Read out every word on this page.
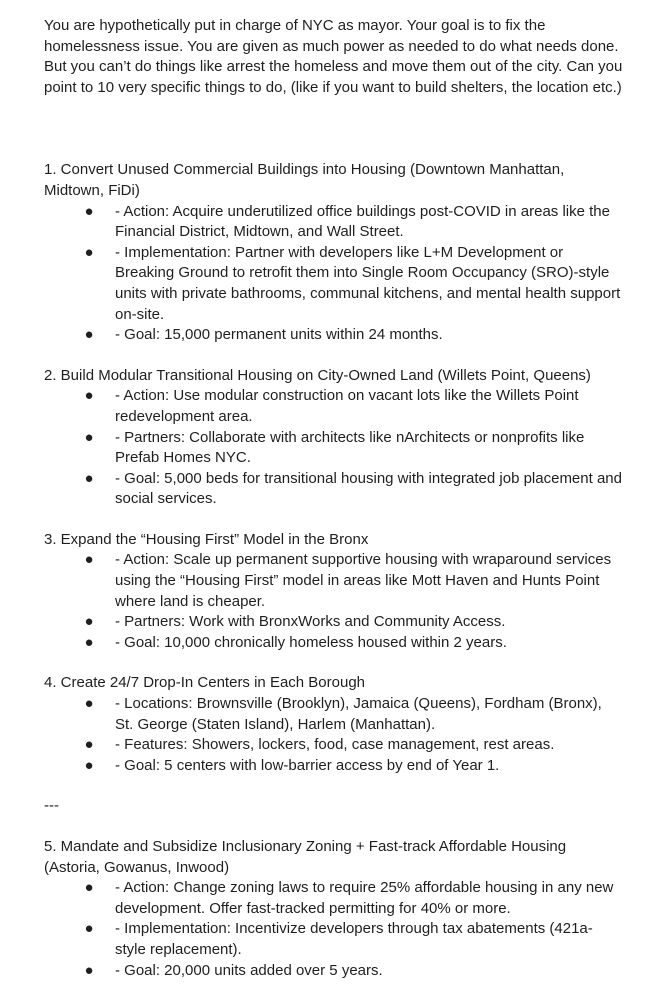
You are hypothetically put in charge of NYC as mayor. Your goal is to fix the homelessness issue. You are given as much power as needed to do what needs done. But you can’t do things like arrest the homeless and move them out of the city. Can you point to 10 very specific things to do, (like if you want to build shelters, the location etc.)

1. Convert Unused Commercial Buildings into Housing (Downtown Manhattan, Midtown, FiDi)

● - Action: Acquire underutilized office buildings post-COVID in areas like the Financial District, Midtown, and Wall Street.
● - Implementation: Partner with developers like L+M Development or Breaking Ground to retrofit them into Single Room Occupancy (SRO)-style units with private bathrooms, communal kitchens, and mental health support on-site.
● - Goal: 15,000 permanent units within 24 months.

2. Build Modular Transitional Housing on City-Owned Land (Willets Point, Queens)

● - Action: Use modular construction on vacant lots like the Willets Point redevelopment area.
● - Partners: Collaborate with architects like nArchitects or nonprofits like Prefab Homes NYC.
● - Goal: 5,000 beds for transitional housing with integrated job placement and social services.

3. Expand the “Housing First” Model in the Bronx

● - Action: Scale up permanent supportive housing with wraparound services using the “Housing First” model in areas like Mott Haven and Hunts Point where land is cheaper.
● - Partners: Work with BronxWorks and Community Access.
● - Goal: 10,000 chronically homeless housed within 2 years.

4. Create 24/7 Drop-In Centers in Each Borough

● - Locations: Brownsville (Brooklyn), Jamaica (Queens), Fordham (Bronx), St. George (Staten Island), Harlem (Manhattan).
● - Features: Showers, lockers, food, case management, rest areas.
● - Goal: 5 centers with low-barrier access by end of Year 1.

---

5. Mandate and Subsidize Inclusionary Zoning + Fast-track Affordable Housing (Astoria, Gowanus, Inwood)

● - Action: Change zoning laws to require 25% affordable housing in any new development. Offer fast-tracked permitting for 40% or more.
● - Implementation: Incentivize developers through tax abatements (421a-style replacement).
● - Goal: 20,000 units added over 5 years.
